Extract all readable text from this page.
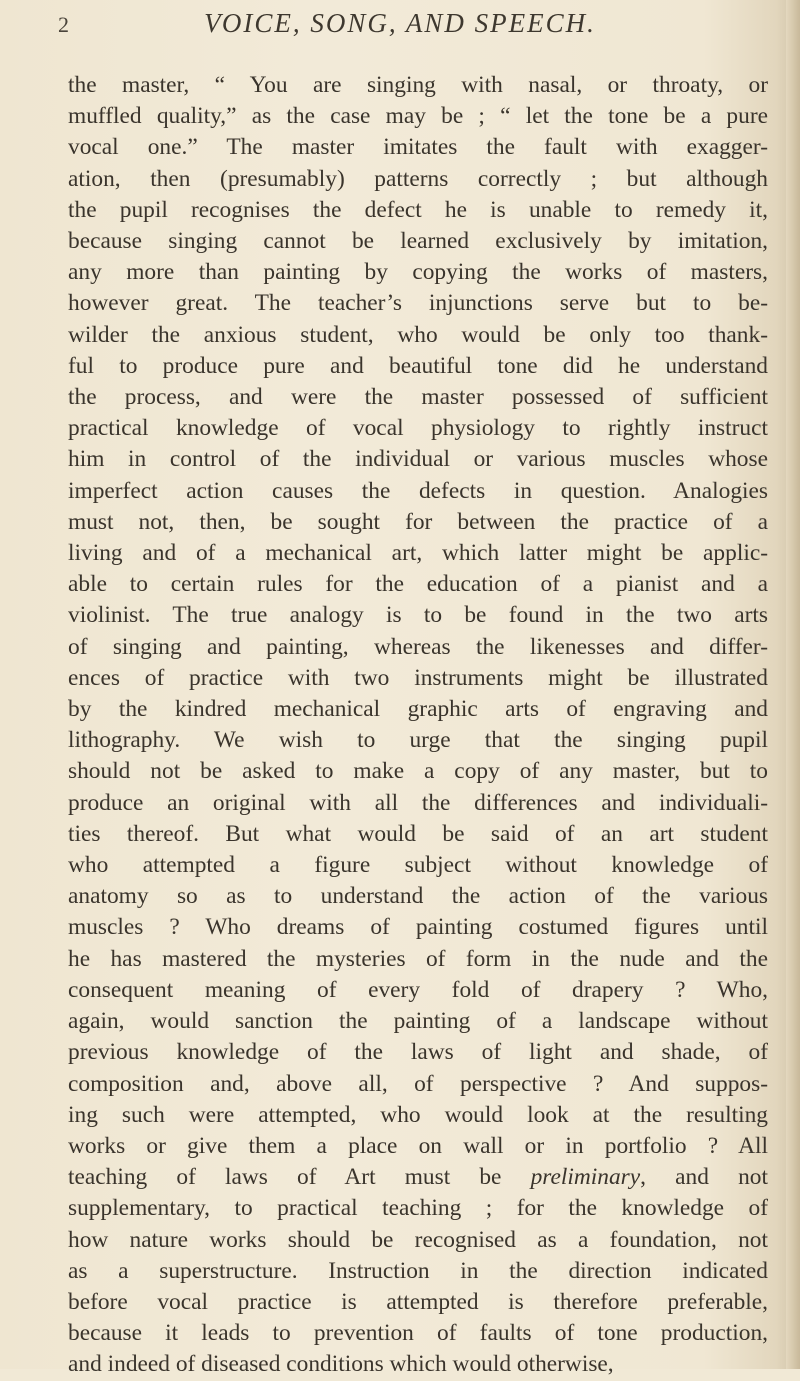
2	VOICE, SONG, AND SPEECH.
the master, “ You are singing with nasal, or throaty, or
muffled quality,” as the case may be ; “ let the tone be a pure
vocal one.” The master imitates the fault with exagger-
ation, then (presumably) patterns correctly ; but although
the pupil recognises the defect he is unable to remedy it,
because singing cannot be learned exclusively by imitation,
any more than painting by copying the works of masters,
however great. The teacher’s injunctions serve but to be-
wilder the anxious student, who would be only too thank-
ful to produce pure and beautiful tone did he understand
the process, and were the master possessed of sufficient
practical knowledge of vocal physiology to rightly instruct
him in control of the individual or various muscles whose
imperfect action causes the defects in question. Analogies
must not, then, be sought for between the practice of a
living and of a mechanical art, which latter might be applic-
able to certain rules for the education of a pianist and a
violinist. The true analogy is to be found in the two arts
of singing and painting, whereas the likenesses and differ-
ences of practice with two instruments might be illustrated
by the kindred mechanical graphic arts of engraving and
lithography. We wish to urge that the singing pupil
should not be asked to make a copy of any master, but to
produce an original with all the differences and individuali-
ties thereof. But what would be said of an art student
who attempted a figure subject without knowledge of
anatomy so as to understand the action of the various
muscles ? Who dreams of painting costumed figures until
he has mastered the mysteries of form in the nude and the
consequent meaning of every fold of drapery ? Who,
again, would sanction the painting of a landscape without
previous knowledge of the laws of light and shade, of
composition and, above all, of perspective ? And suppos-
ing such were attempted, who would look at the resulting
works or give them a place on wall or in portfolio ? All
teaching of laws of Art must be preliminary, and not
supplementary, to practical teaching ; for the knowledge of
how nature works should be recognised as a foundation, not
as a superstructure. Instruction in the direction indicated
before vocal practice is attempted is therefore preferable,
because it leads to prevention of faults of tone production,
and indeed of diseased conditions which would otherwise,
